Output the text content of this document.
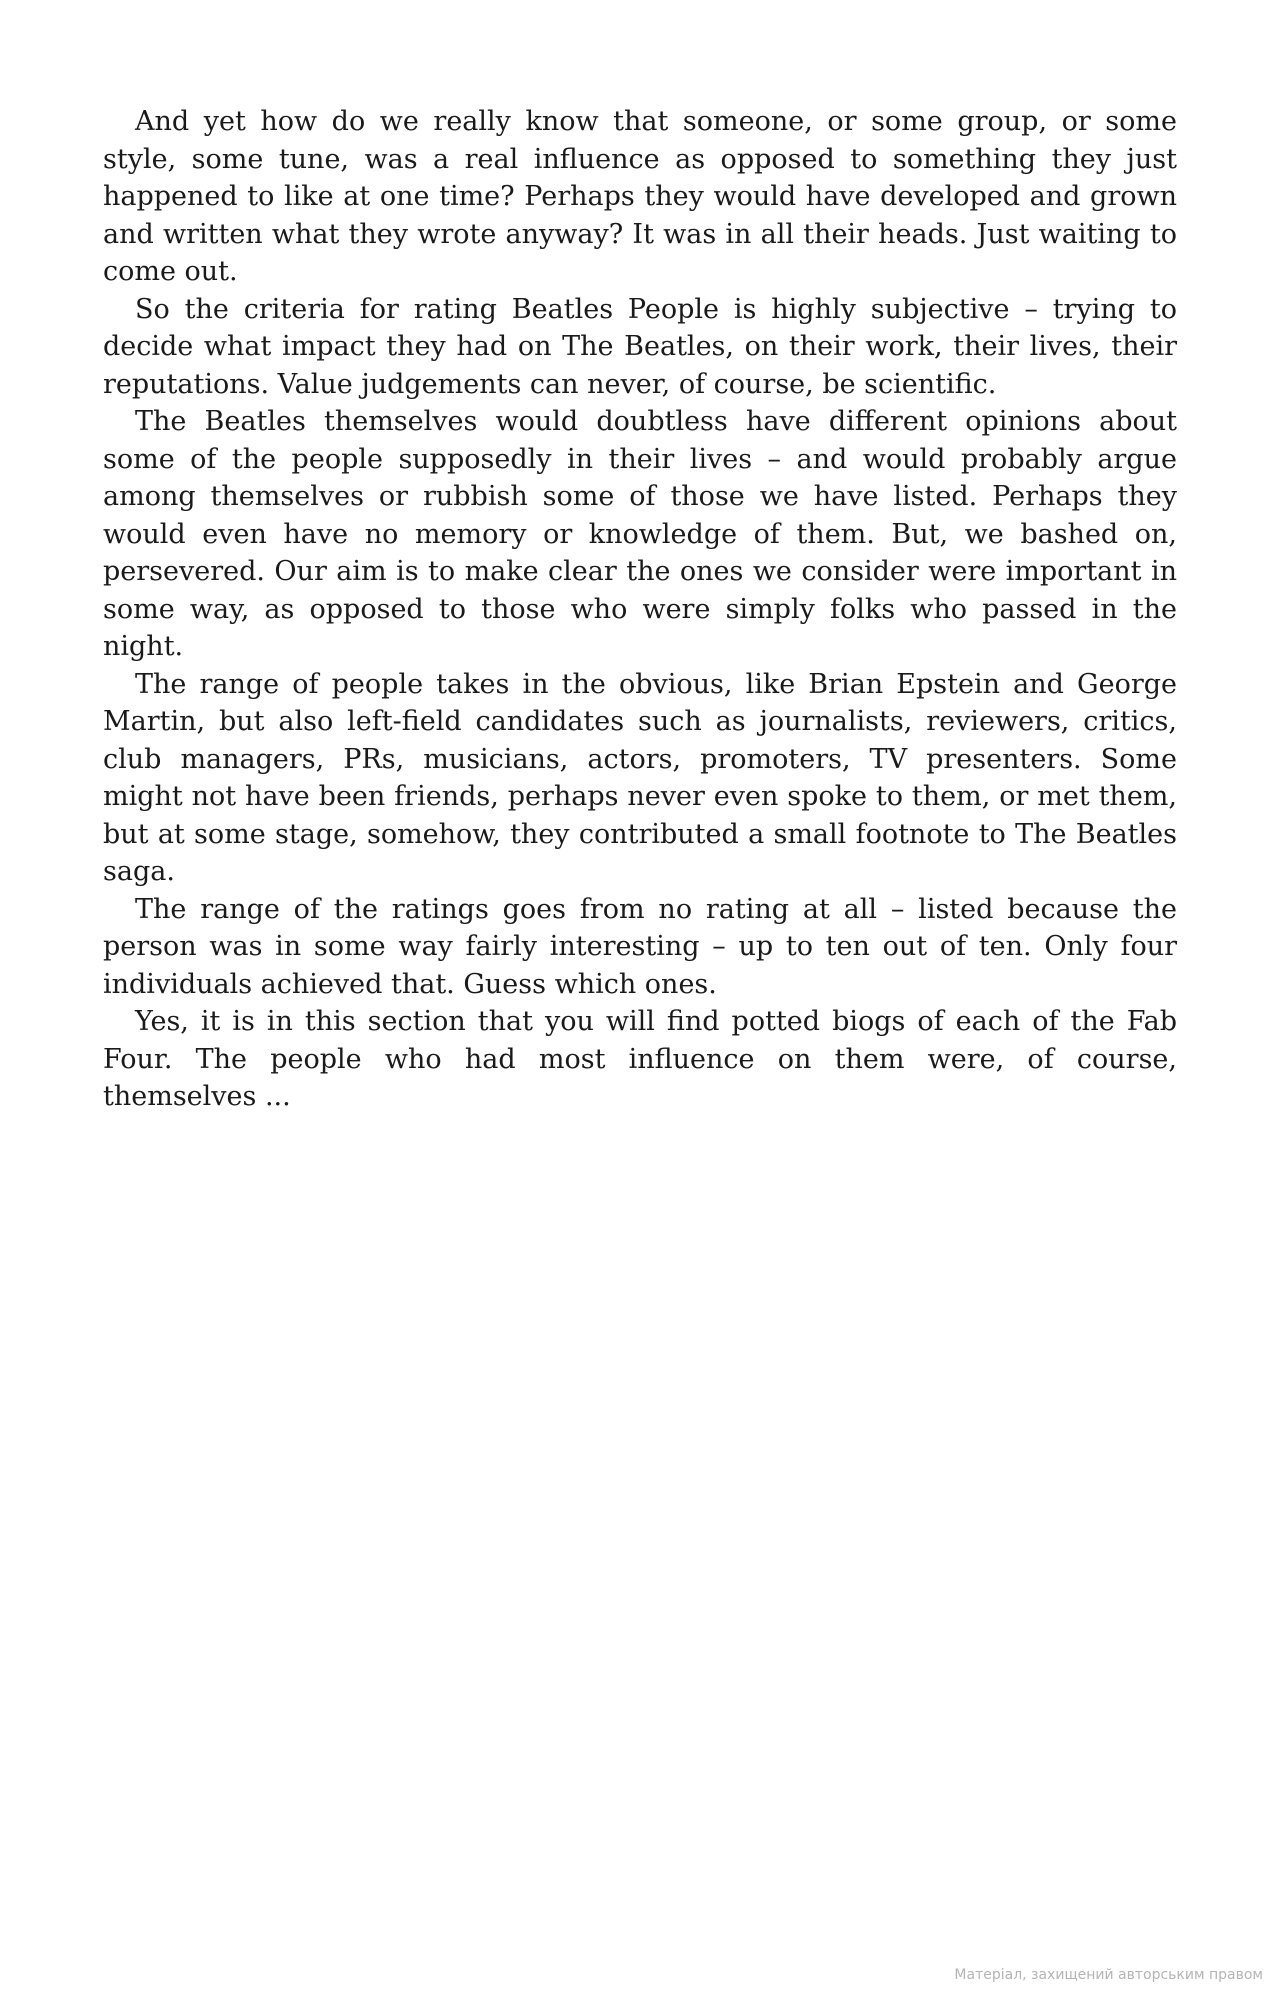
And yet how do we really know that someone, or some group, or some style, some tune, was a real influence as opposed to something they just happened to like at one time? Perhaps they would have developed and grown and written what they wrote anyway? It was in all their heads. Just waiting to come out.

So the criteria for rating Beatles People is highly subjective – trying to decide what impact they had on The Beatles, on their work, their lives, their reputations. Value judgements can never, of course, be scientific.

The Beatles themselves would doubtless have different opinions about some of the people supposedly in their lives – and would probably argue among themselves or rubbish some of those we have listed. Perhaps they would even have no memory or knowledge of them. But, we bashed on, persevered. Our aim is to make clear the ones we consider were important in some way, as opposed to those who were simply folks who passed in the night.

The range of people takes in the obvious, like Brian Epstein and George Martin, but also left-field candidates such as journalists, reviewers, critics, club managers, PRs, musicians, actors, promoters, TV presenters. Some might not have been friends, perhaps never even spoke to them, or met them, but at some stage, somehow, they contributed a small footnote to The Beatles saga.

The range of the ratings goes from no rating at all – listed because the person was in some way fairly interesting – up to ten out of ten. Only four individuals achieved that. Guess which ones.

Yes, it is in this section that you will find potted biogs of each of the Fab Four. The people who had most influence on them were, of course, themselves ...

Матеріал, захищений авторським правом
